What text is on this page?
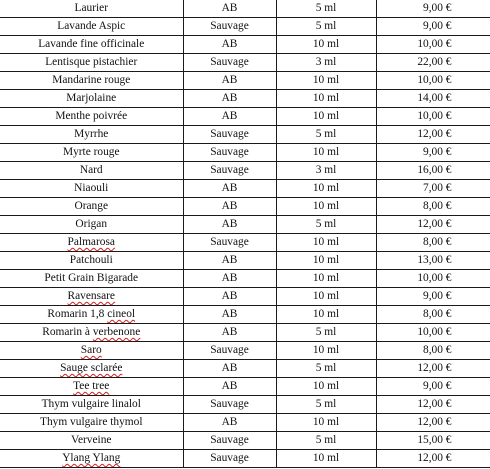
Laurier	AB	5 ml	9,00 €
Lavande Aspic	Sauvage	5 ml	9,00 €
Lavande fine officinale	AB	10 ml	10,00 €
Lentisque pistachier	Sauvage	3 ml	22,00 €
Mandarine rouge	AB	10 ml	10,00 €
Marjolaine	AB	10 ml	14,00 €
Menthe poivrée	AB	10 ml	10,00 €
Myrrhe	Sauvage	5 ml	12,00 €
Myrte rouge	Sauvage	10 ml	9,00 €
Nard	Sauvage	3 ml	16,00 €
Niaouli	AB	10 ml	7,00 €
Orange	AB	10 ml	8,00 €
Origan	AB	5 ml	12,00 €
Palmarosa	Sauvage	10 ml	8,00 €
Patchouli	AB	10 ml	13,00 €
Petit Grain Bigarade	AB	10 ml	10,00 €
Ravensare	AB	10 ml	9,00 €
Romarin 1,8 cineol	AB	10 ml	8,00 €
Romarin à verbenone	AB	5 ml	10,00 €
Saro	Sauvage	10 ml	8,00 €
Sauge sclarée	AB	5 ml	12,00 €
Tee tree	AB	10 ml	9,00 €
Thym vulgaire linalol	Sauvage	5 ml	12,00 €
Thym vulgaire thymol	AB	10 ml	12,00 €
Verveine	Sauvage	5 ml	15,00 €
Ylang Ylang	Sauvage	10 ml	12,00 €
